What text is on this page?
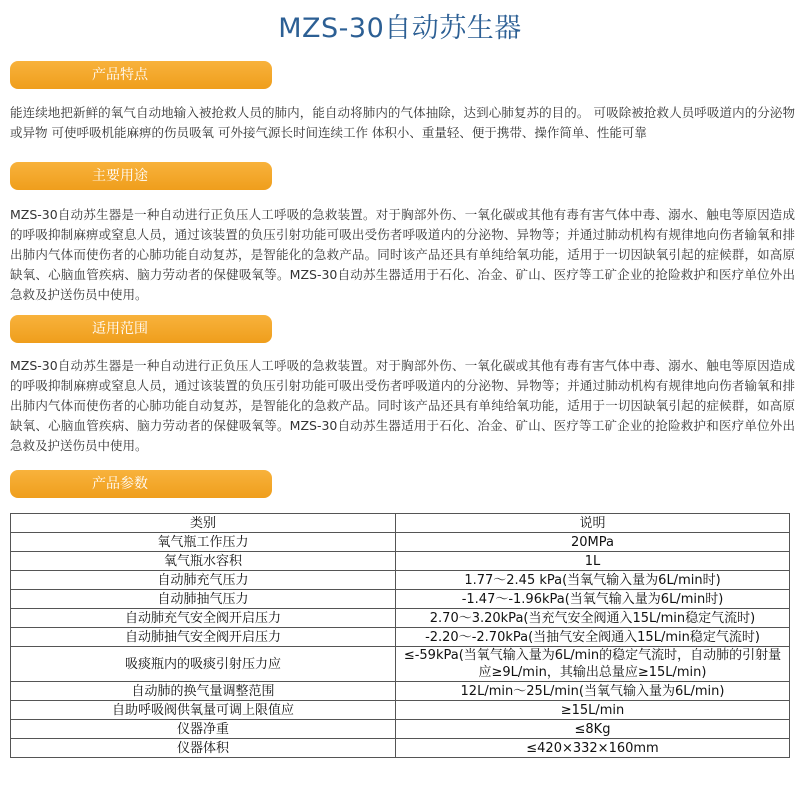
MZS-30自动苏生器
产品特点
能连续地把新鲜的氧气自动地输入被抢救人员的肺内，能自动将肺内的气体抽除，达到心肺复苏的目的。 可吸除被抢救人员呼吸道内的分泌物或异物 可使呼吸机能麻痹的伤员吸氧 可外接气源长时间连续工作 体积小、重量轻、便于携带、操作简单、性能可靠
主要用途
MZS-30自动苏生器是一种自动进行正负压人工呼吸的急救装置。对于胸部外伤、一氧化碳或其他有毒有害气体中毒、溺水、触电等原因造成的呼吸抑制麻痹或窒息人员，通过该装置的负压引射功能可吸出受伤者呼吸道内的分泌物、异物等；并通过肺动机构有规律地向伤者输氧和排出肺内气体而使伤者的心肺功能自动复苏，是智能化的急救产品。同时该产品还具有单纯给氧功能，适用于一切因缺氧引起的症候群，如高原缺氧、心脑血管疾病、脑力劳动者的保健吸氧等。MZS-30自动苏生器适用于石化、冶金、矿山、医疗等工矿企业的抢险救护和医疗单位外出急救及护送伤员中使用。
适用范围
MZS-30自动苏生器是一种自动进行正负压人工呼吸的急救装置。对于胸部外伤、一氧化碳或其他有毒有害气体中毒、溺水、触电等原因造成的呼吸抑制麻痹或窒息人员，通过该装置的负压引射功能可吸出受伤者呼吸道内的分泌物、异物等；并通过肺动机构有规律地向伤者输氧和排出肺内气体而使伤者的心肺功能自动复苏，是智能化的急救产品。同时该产品还具有单纯给氧功能，适用于一切因缺氧引起的症候群，如高原缺氧、心脑血管疾病、脑力劳动者的保健吸氧等。MZS-30自动苏生器适用于石化、冶金、矿山、医疗等工矿企业的抢险救护和医疗单位外出急救及护送伤员中使用。
产品参数
类别	说明
氧气瓶工作压力	20MPa
氧气瓶水容积	1L
自动肺充气压力	1.77～2.45 kPa(当氧气输入量为6L/min时)
自动肺抽气压力	-1.47～-1.96kPa(当氧气输入量为6L/min时)
自动肺充气安全阀开启压力	2.70～3.20kPa(当充气安全阀通入15L/min稳定气流时)
自动肺抽气安全阀开启压力	-2.20～-2.70kPa(当抽气安全阀通入15L/min稳定气流时)
吸痰瓶内的吸痰引射压力应	≤-59kPa(当氧气输入量为6L/min的稳定气流时，自动肺的引射量应≥9L/min，其输出总量应≥15L/min)
自动肺的换气量调整范围	12L/min～25L/min(当氧气输入量为6L/min)
自助呼吸阀供氧量可调上限值应	≥15L/min
仪器净重	≤8Kg
仪器体积	≤420×332×160mm
